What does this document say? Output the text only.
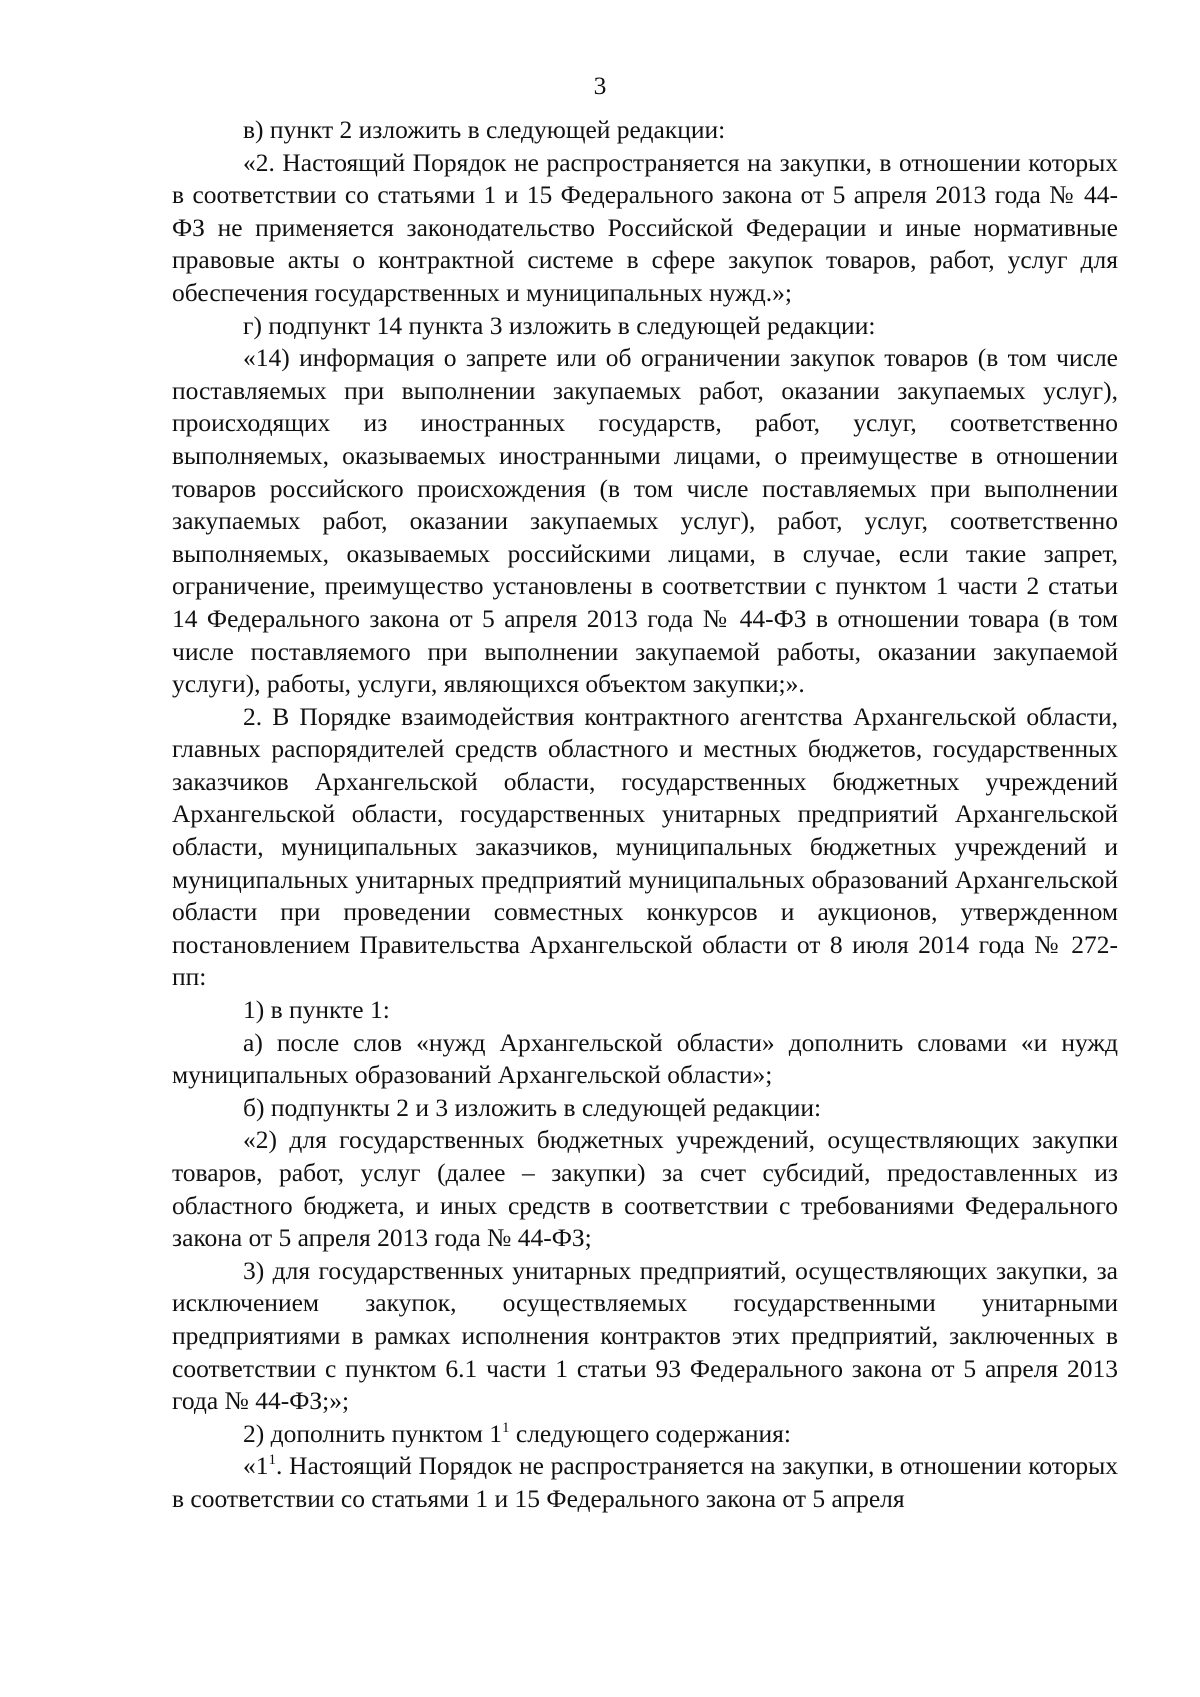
3

в) пункт 2 изложить в следующей редакции:

«2. Настоящий Порядок не распространяется на закупки, в отношении которых в соответствии со статьями 1 и 15 Федерального закона от 5 апреля 2013 года № 44-ФЗ не применяется законодательство Российской Федерации и иные нормативные правовые акты о контрактной системе в сфере закупок товаров, работ, услуг для обеспечения государственных и муниципальных нужд.»;

г) подпункт 14 пункта 3 изложить в следующей редакции:

«14) информация о запрете или об ограничении закупок товаров (в том числе поставляемых при выполнении закупаемых работ, оказании закупаемых услуг), происходящих из иностранных государств, работ, услуг, соответственно выполняемых, оказываемых иностранными лицами, о преимуществе в отношении товаров российского происхождения (в том числе поставляемых при выполнении закупаемых работ, оказании закупаемых услуг), работ, услуг, соответственно выполняемых, оказываемых российскими лицами, в случае, если такие запрет, ограничение, преимущество установлены в соответствии с пунктом 1 части 2 статьи 14 Федерального закона от 5 апреля 2013 года № 44-ФЗ в отношении товара (в том числе поставляемого при выполнении закупаемой работы, оказании закупаемой услуги), работы, услуги, являющихся объектом закупки;».

2. В Порядке взаимодействия контрактного агентства Архангельской области, главных распорядителей средств областного и местных бюджетов, государственных заказчиков Архангельской области, государственных бюджетных учреждений Архангельской области, государственных унитарных предприятий Архангельской области, муниципальных заказчиков, муниципальных бюджетных учреждений и муниципальных унитарных предприятий муниципальных образований Архангельской области при проведении совместных конкурсов и аукционов, утвержденном постановлением Правительства Архангельской области от 8 июля 2014 года № 272-пп:

1) в пункте 1:

а) после слов «нужд Архангельской области» дополнить словами «и нужд муниципальных образований Архангельской области»;

б) подпункты 2 и 3 изложить в следующей редакции:

«2) для государственных бюджетных учреждений, осуществляющих закупки товаров, работ, услуг (далее – закупки) за счет субсидий, предоставленных из областного бюджета, и иных средств в соответствии с требованиями Федерального закона от 5 апреля 2013 года № 44-ФЗ;

3) для государственных унитарных предприятий, осуществляющих закупки, за исключением закупок, осуществляемых государственными унитарными предприятиями в рамках исполнения контрактов этих предприятий, заключенных в соответствии с пунктом 6.1 части 1 статьи 93 Федерального закона от 5 апреля 2013 года № 44-ФЗ;»;

2) дополнить пунктом $1^1$ следующего содержания:

«$1^1$. Настоящий Порядок не распространяется на закупки, в отношении которых в соответствии со статьями 1 и 15 Федерального закона от 5 апреля
